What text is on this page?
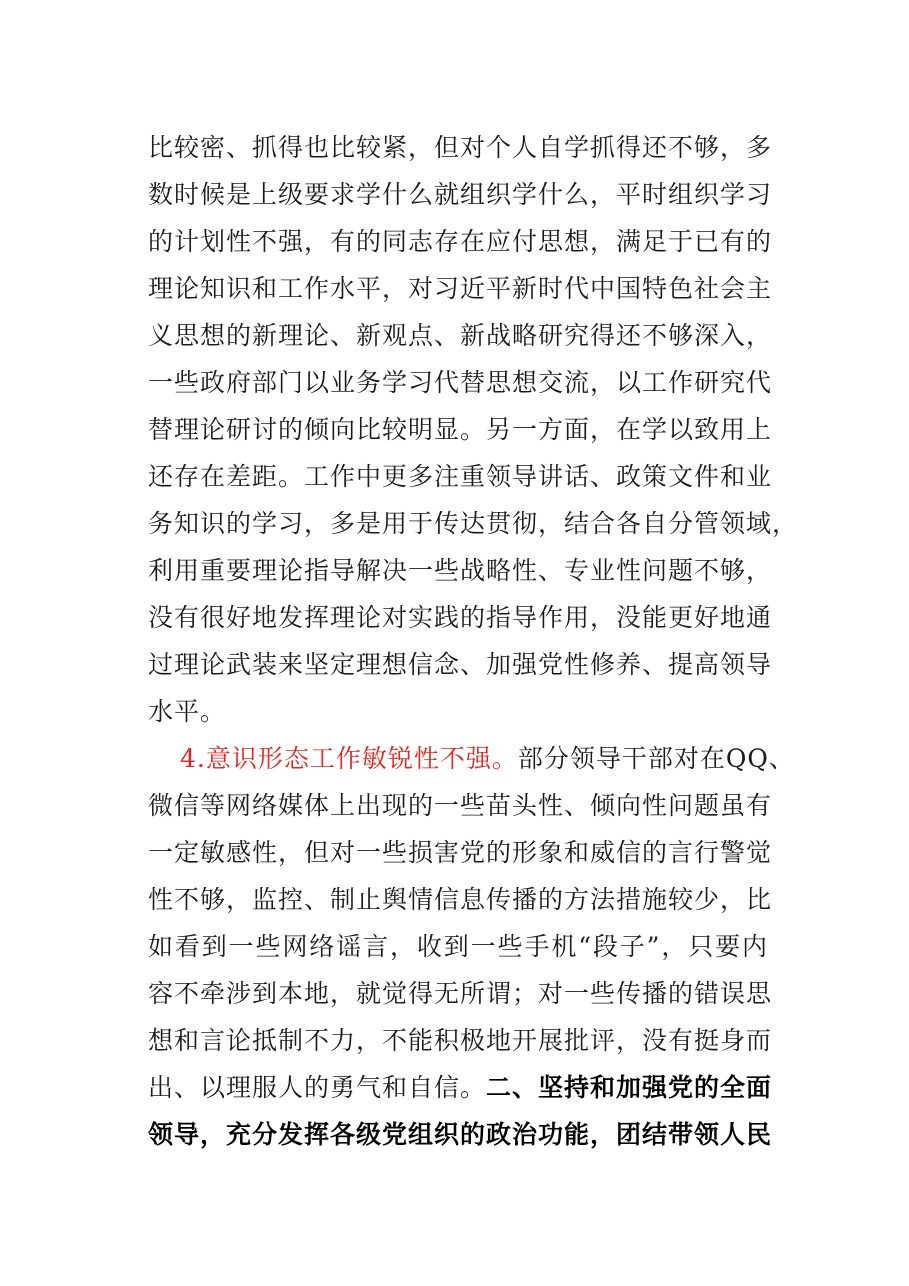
比较密、抓得也比较紧，但对个人自学抓得还不够，多
数时候是上级要求学什么就组织学什么，平时组织学习
的计划性不强，有的同志存在应付思想，满足于已有的
理论知识和工作水平，对习近平新时代中国特色社会主
义思想的新理论、新观点、新战略研究得还不够深入，
一些政府部门以业务学习代替思想交流，以工作研究代
替理论研讨的倾向比较明显。另一方面，在学以致用上
还存在差距。工作中更多注重领导讲话、政策文件和业
务知识的学习，多是用于传达贯彻，结合各自分管领域，
利用重要理论指导解决一些战略性、专业性问题不够，
没有很好地发挥理论对实践的指导作用，没能更好地通
过理论武装来坚定理想信念、加强党性修养、提高领导
水平。
4.意识形态工作敏锐性不强。部分领导干部对在QQ、
微信等网络媒体上出现的一些苗头性、倾向性问题虽有
一定敏感性，但对一些损害党的形象和威信的言行警觉
性不够，监控、制止舆情信息传播的方法措施较少，比
如看到一些网络谣言，收到一些手机“段子”，只要内
容不牵涉到本地，就觉得无所谓；对一些传播的错误思
想和言论抵制不力，不能积极地开展批评，没有挺身而
出、以理服人的勇气和自信。二、坚持和加强党的全面
领导，充分发挥各级党组织的政治功能，团结带领人民
